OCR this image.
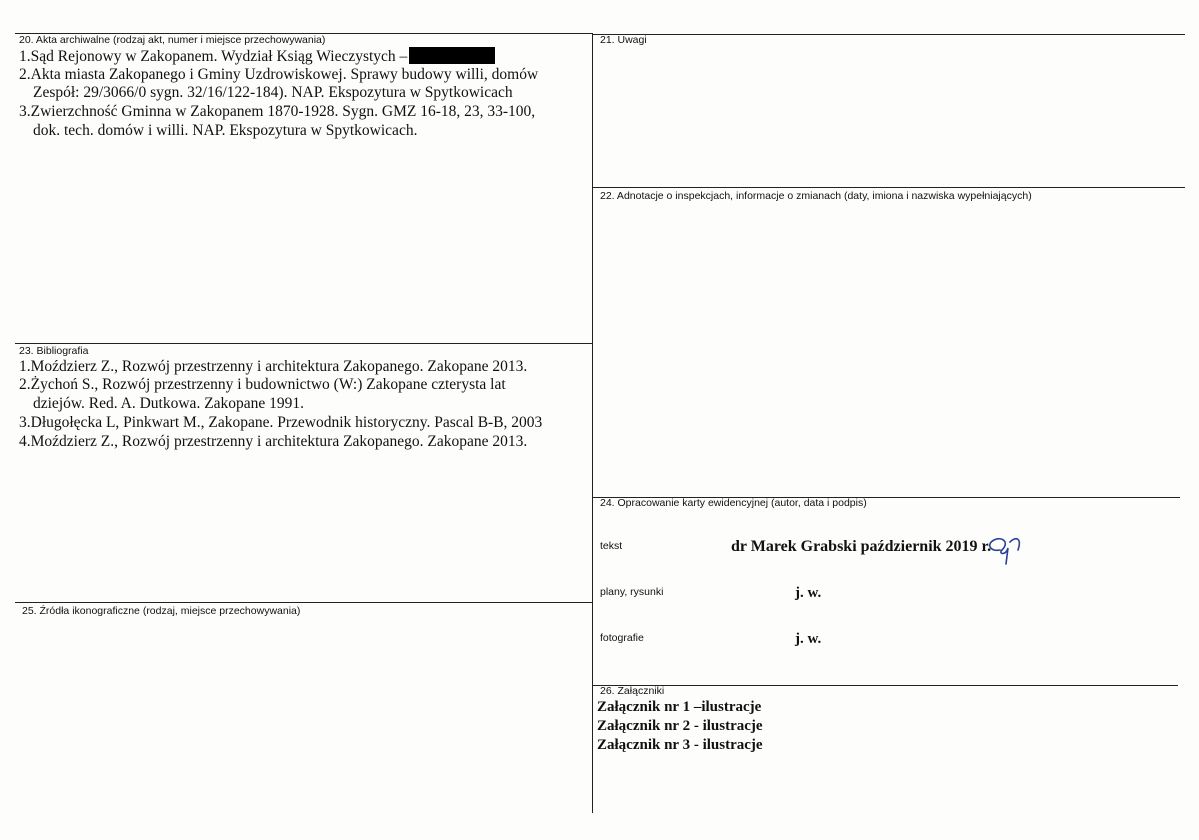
20. Akta archiwalne (rodzaj akt, numer i miejsce przechowywania)
1.Sąd Rejonowy w Zakopanem. Wydział Ksiąg Wieczystych –
2.Akta miasta Zakopanego i Gminy Uzdrowiskowej. Sprawy budowy willi, domów
Zespół: 29/3066/0 sygn. 32/16/122-184). NAP. Ekspozytura w Spytkowicach
3.Zwierzchność Gminna w Zakopanem 1870-1928. Sygn. GMZ 16-18, 23, 33-100,
dok. tech. domów i willi. NAP. Ekspozytura w Spytkowicach.
21. Uwagi
22. Adnotacje o inspekcjach, informacje o zmianach (daty, imiona i nazwiska wypełniających)
23. Bibliografia
1.Moździerz Z., Rozwój przestrzenny i architektura Zakopanego. Zakopane 2013.
2.Żychoń S., Rozwój przestrzenny i budownictwo (W:) Zakopane czterysta lat
dziejów. Red. A. Dutkowa. Zakopane 1991.
3.Długołęcka L, Pinkwart M., Zakopane. Przewodnik historyczny. Pascal B-B, 2003
4.Moździerz Z., Rozwój przestrzenny i architektura Zakopanego. Zakopane 2013.
24. Opracowanie karty ewidencyjnej (autor, data i podpis)
tekst	dr Marek Grabski październik 2019 r.
plany, rysunki	j. w.
fotografie	j. w.
25. Źródła ikonograficzne (rodzaj, miejsce przechowywania)
26. Załączniki
Załącznik nr 1 –ilustracje
Załącznik nr 2 - ilustracje
Załącznik nr 3 - ilustracje
